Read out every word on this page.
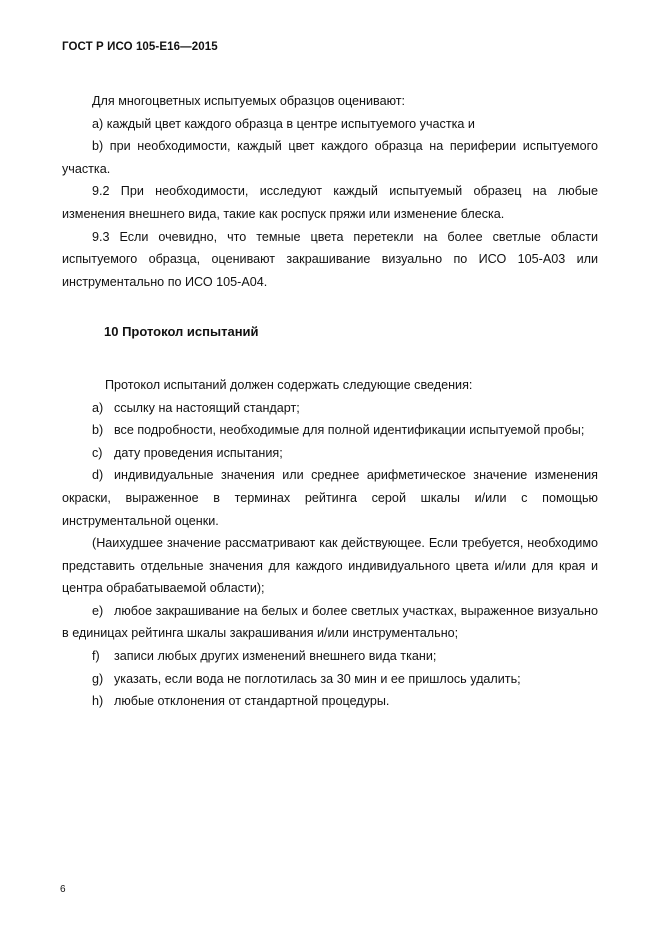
ГОСТ Р ИСО 105-E16—2015

Для многоцветных испытуемых образцов оценивают:

a) каждый цвет каждого образца в центре испытуемого участка и

b) при необходимости, каждый цвет каждого образца на периферии испытуемого участка.

9.2 При необходимости, исследуют каждый испытуемый образец на любые изменения внешнего вида, такие как роспуск пряжи или изменение блеска.

9.3 Если очевидно, что темные цвета перетекли на более светлые области испытуемого образца, оценивают закрашивание визуально по ИСО 105-A03 или инструментально по ИСО 105-A04.

10 Протокол испытаний

Протокол испытаний должен содержать следующие сведения:

a) ссылку на настоящий стандарт;

b) все подробности, необходимые для полной идентификации испытуемой пробы;

c) дату проведения испытания;

d) индивидуальные значения или среднее арифметическое значение изменения окраски, выраженное в терминах рейтинга серой шкалы и/или с помощью инструментальной оценки.

(Наихудшее значение рассматривают как действующее. Если требуется, необходимо представить отдельные значения для каждого индивидуального цвета и/или для края и центра обрабатываемой области);

e) любое закрашивание на белых и более светлых участках, выраженное визуально в единицах рейтинга шкалы закрашивания и/или инструментально;

f) записи любых других изменений внешнего вида ткани;

g) указать, если вода не поглотилась за 30 мин и ее пришлось удалить;

h) любые отклонения от стандартной процедуры.

6
